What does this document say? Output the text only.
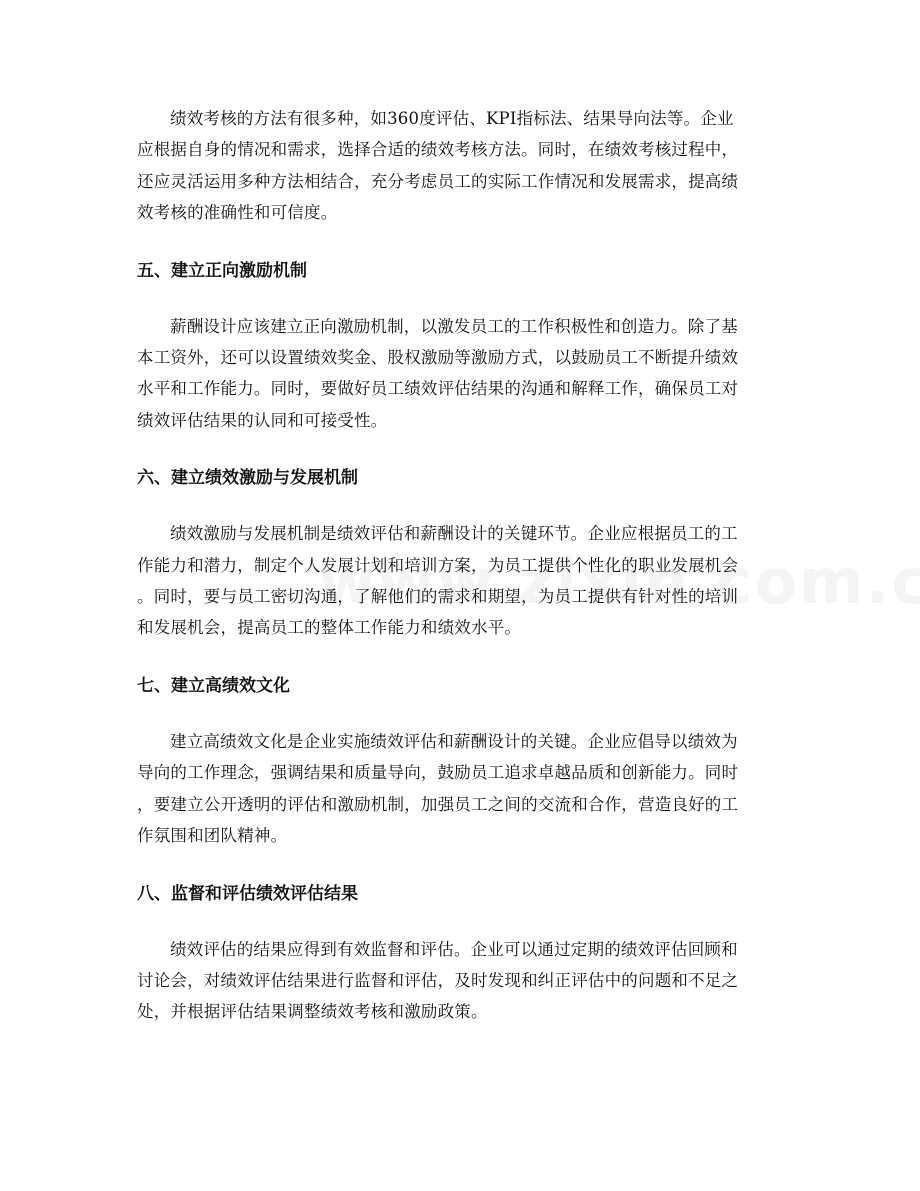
绩效考核的方法有很多种，如360度评估、KPI指标法、结果导向法等。企业
应根据自身的情况和需求，选择合适的绩效考核方法。同时，在绩效考核过程中，
还应灵活运用多种方法相结合，充分考虑员工的实际工作情况和发展需求，提高绩
效考核的准确性和可信度。

五、建立正向激励机制

薪酬设计应该建立正向激励机制，以激发员工的工作积极性和创造力。除了基
本工资外，还可以设置绩效奖金、股权激励等激励方式，以鼓励员工不断提升绩效
水平和工作能力。同时，要做好员工绩效评估结果的沟通和解释工作，确保员工对
绩效评估结果的认同和可接受性。

六、建立绩效激励与发展机制

绩效激励与发展机制是绩效评估和薪酬设计的关键环节。企业应根据员工的工
作能力和潜力，制定个人发展计划和培训方案，为员工提供个性化的职业发展机会
。同时，要与员工密切沟通，了解他们的需求和期望，为员工提供有针对性的培训
和发展机会，提高员工的整体工作能力和绩效水平。

七、建立高绩效文化

建立高绩效文化是企业实施绩效评估和薪酬设计的关键。企业应倡导以绩效为
导向的工作理念，强调结果和质量导向，鼓励员工追求卓越品质和创新能力。同时
，要建立公开透明的评估和激励机制，加强员工之间的交流和合作，营造良好的工
作氛围和团队精神。

八、监督和评估绩效评估结果

绩效评估的结果应得到有效监督和评估。企业可以通过定期的绩效评估回顾和
讨论会，对绩效评估结果进行监督和评估，及时发现和纠正评估中的问题和不足之
处，并根据评估结果调整绩效考核和激励政策。
